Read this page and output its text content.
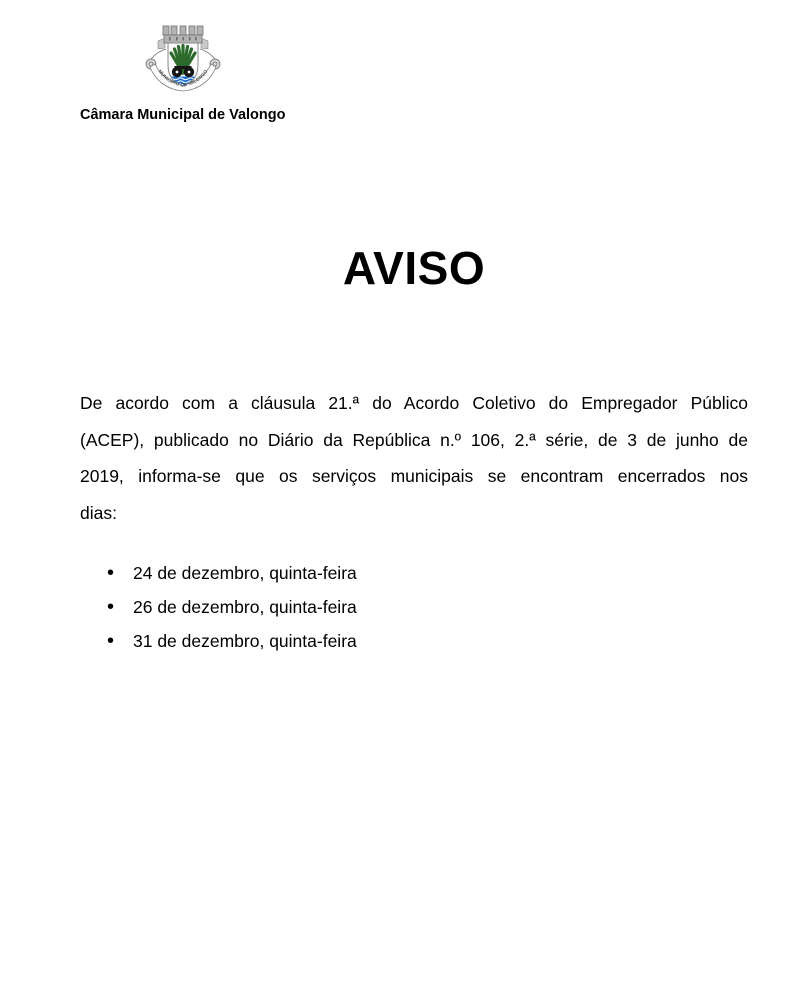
MUNICÍPIO DE VALONGO
Câmara Municipal de Valongo
AVISO
De acordo com a cláusula 21.ª do Acordo Coletivo do Empregador Público
(ACEP), publicado no Diário da República n.º 106, 2.ª série, de 3 de junho de
2019, informa-se que os serviços municipais se encontram encerrados nos
dias:
• 24 de dezembro, quinta-feira
• 26 de dezembro, quinta-feira
• 31 de dezembro, quinta-feira
